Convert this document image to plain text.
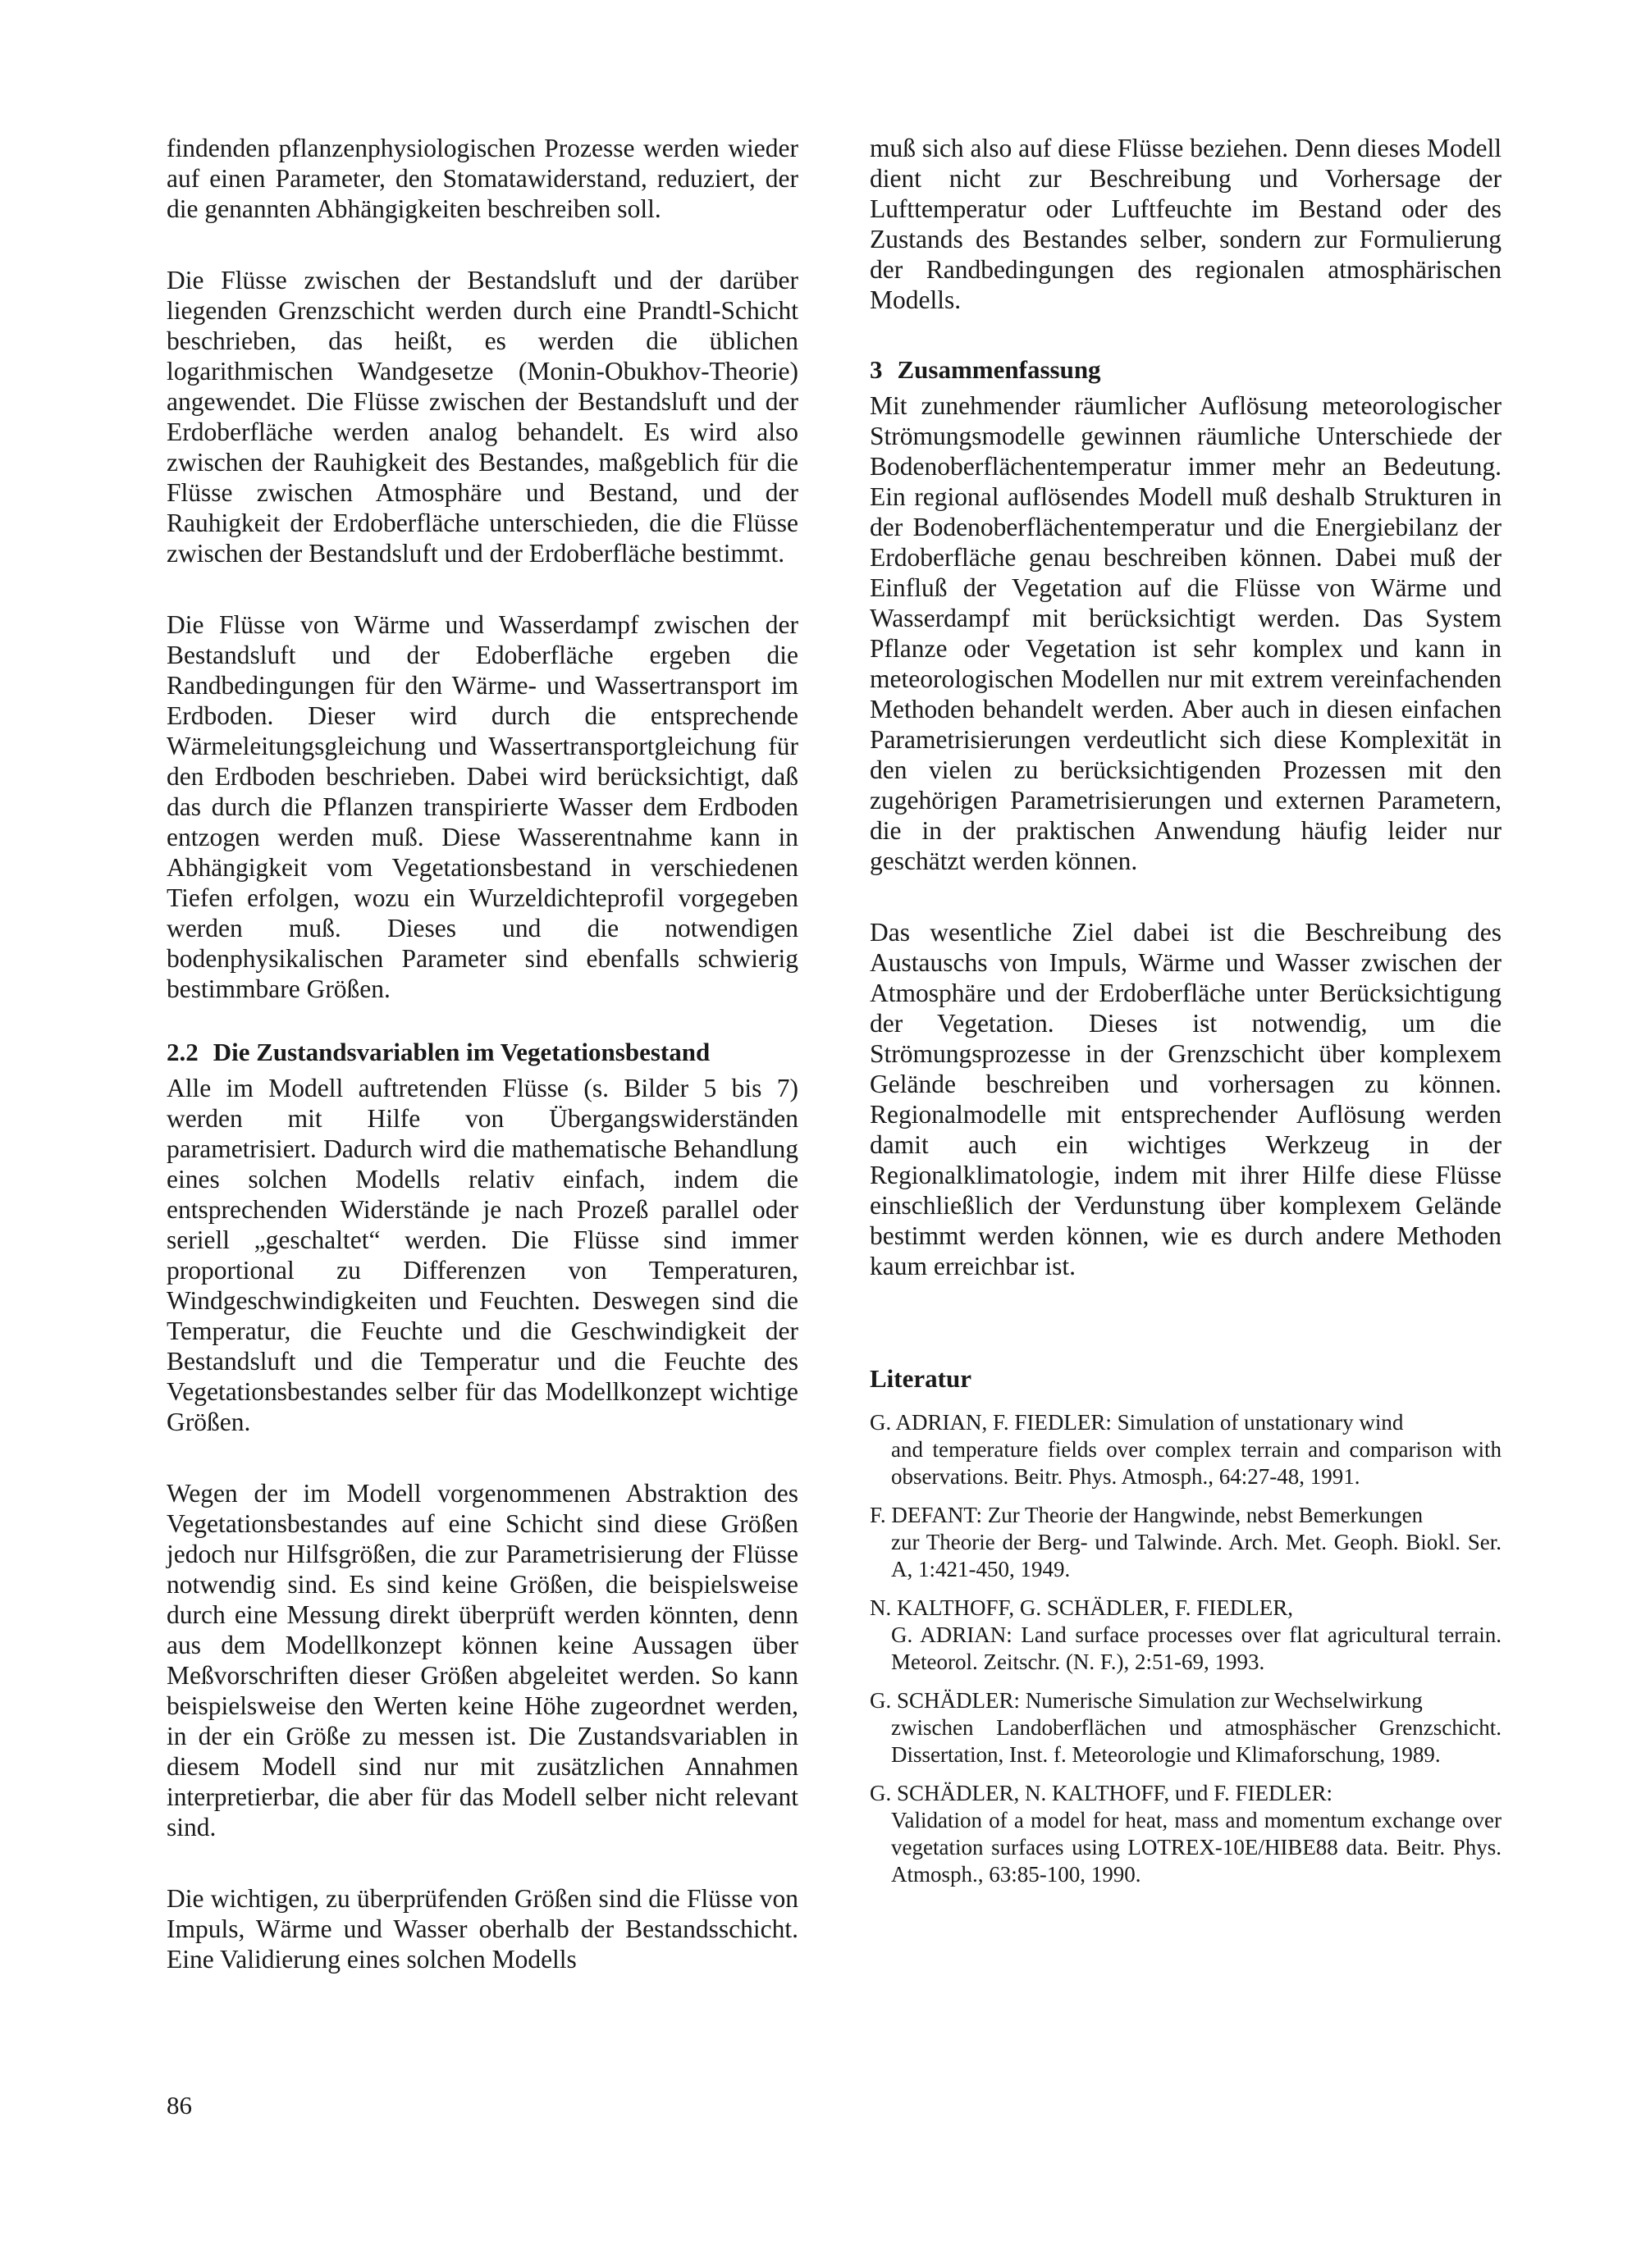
findenden pflanzenphysiologischen Prozesse werden wieder auf einen Parameter, den Stomatawiderstand, reduziert, der die genannten Abhängigkeiten beschreiben soll.

Die Flüsse zwischen der Bestandsluft und der darüber liegenden Grenzschicht werden durch eine Prandtl-Schicht beschrieben, das heißt, es werden die üblichen logarithmischen Wandgesetze (Monin-Obukhov-Theorie) angewendet. Die Flüsse zwischen der Bestandsluft und der Erdoberfläche werden analog behandelt. Es wird also zwischen der Rauhigkeit des Bestandes, maßgeblich für die Flüsse zwischen Atmosphäre und Bestand, und der Rauhigkeit der Erdoberfläche unterschieden, die die Flüsse zwischen der Bestandsluft und der Erdoberfläche bestimmt.

Die Flüsse von Wärme und Wasserdampf zwischen der Bestandsluft und der Edoberfläche ergeben die Randbedingungen für den Wärme- und Wassertransport im Erdboden. Dieser wird durch die entsprechende Wärmeleitungsgleichung und Wassertransportgleichung für den Erdboden beschrieben. Dabei wird berücksichtigt, daß das durch die Pflanzen transpirierte Wasser dem Erdboden entzogen werden muß. Diese Wasserentnahme kann in Abhängigkeit vom Vegetationsbestand in verschiedenen Tiefen erfolgen, wozu ein Wurzeldichteprofil vorgegeben werden muß. Dieses und die notwendigen bodenphysikalischen Parameter sind ebenfalls schwierig bestimmbare Größen.

2.2 Die Zustandsvariablen im Vegetationsbestand

Alle im Modell auftretenden Flüsse (s. Bilder 5 bis 7) werden mit Hilfe von Übergangswiderständen parametrisiert. Dadurch wird die mathematische Behandlung eines solchen Modells relativ einfach, indem die entsprechenden Widerstände je nach Prozeß parallel oder seriell „geschaltet“ werden. Die Flüsse sind immer proportional zu Differenzen von Temperaturen, Windgeschwindigkeiten und Feuchten. Deswegen sind die Temperatur, die Feuchte und die Geschwindigkeit der Bestandsluft und die Temperatur und die Feuchte des Vegetationsbestandes selber für das Modellkonzept wichtige Größen.

Wegen der im Modell vorgenommenen Abstraktion des Vegetationsbestandes auf eine Schicht sind diese Größen jedoch nur Hilfsgrößen, die zur Parametrisierung der Flüsse notwendig sind. Es sind keine Größen, die beispielsweise durch eine Messung direkt überprüft werden könnten, denn aus dem Modellkonzept können keine Aussagen über Meßvorschriften dieser Größen abgeleitet werden. So kann beispielsweise den Werten keine Höhe zugeordnet werden, in der ein Größe zu messen ist. Die Zustandsvariablen in diesem Modell sind nur mit zusätzlichen Annahmen interpretierbar, die aber für das Modell selber nicht relevant sind.

Die wichtigen, zu überprüfenden Größen sind die Flüsse von Impuls, Wärme und Wasser oberhalb der Bestandsschicht. Eine Validierung eines solchen Modells

muß sich also auf diese Flüsse beziehen. Denn dieses Modell dient nicht zur Beschreibung und Vorhersage der Lufttemperatur oder Luftfeuchte im Bestand oder des Zustands des Bestandes selber, sondern zur Formulierung der Randbedingungen des regionalen atmosphärischen Modells.

3 Zusammenfassung

Mit zunehmender räumlicher Auflösung meteorologischer Strömungsmodelle gewinnen räumliche Unterschiede der Bodenoberflächentemperatur immer mehr an Bedeutung. Ein regional auflösendes Modell muß deshalb Strukturen in der Bodenoberflächentemperatur und die Energiebilanz der Erdoberfläche genau beschreiben können. Dabei muß der Einfluß der Vegetation auf die Flüsse von Wärme und Wasserdampf mit berücksichtigt werden. Das System Pflanze oder Vegetation ist sehr komplex und kann in meteorologischen Modellen nur mit extrem vereinfachenden Methoden behandelt werden. Aber auch in diesen einfachen Parametrisierungen verdeutlicht sich diese Komplexität in den vielen zu berücksichtigenden Prozessen mit den zugehörigen Parametrisierungen und externen Parametern, die in der praktischen Anwendung häufig leider nur geschätzt werden können.

Das wesentliche Ziel dabei ist die Beschreibung des Austauschs von Impuls, Wärme und Wasser zwischen der Atmosphäre und der Erdoberfläche unter Berücksichtigung der Vegetation. Dieses ist notwendig, um die Strömungsprozesse in der Grenzschicht über komplexem Gelände beschreiben und vorhersagen zu können. Regionalmodelle mit entsprechender Auflösung werden damit auch ein wichtiges Werkzeug in der Regionalklimatologie, indem mit ihrer Hilfe diese Flüsse einschließlich der Verdunstung über komplexem Gelände bestimmt werden können, wie es durch andere Methoden kaum erreichbar ist.

Literatur
G. ADRIAN, F. FIEDLER: Simulation of unstationary wind
and temperature fields over complex terrain and comparison with observations. Beitr. Phys. Atmosph., 64:27-48, 1991.
F. DEFANT: Zur Theorie der Hangwinde, nebst Bemerkungen
zur Theorie der Berg- und Talwinde. Arch. Met. Geoph. Biokl. Ser. A, 1:421-450, 1949.
N. KALTHOFF, G. SCHÄDLER, F. FIEDLER,
G. ADRIAN: Land surface processes over flat agricultural terrain. Meteorol. Zeitschr. (N. F.), 2:51-69, 1993.
G. SCHÄDLER: Numerische Simulation zur Wechselwirkung
zwischen Landoberflächen und atmosphäscher Grenzschicht. Dissertation, Inst. f. Meteorologie und Klimaforschung, 1989.
G. SCHÄDLER, N. KALTHOFF, und F. FIEDLER:
Validation of a model for heat, mass and momentum exchange over vegetation surfaces using LOTREX-10E/HIBE88 data. Beitr. Phys. Atmosph., 63:85-100, 1990.
86
